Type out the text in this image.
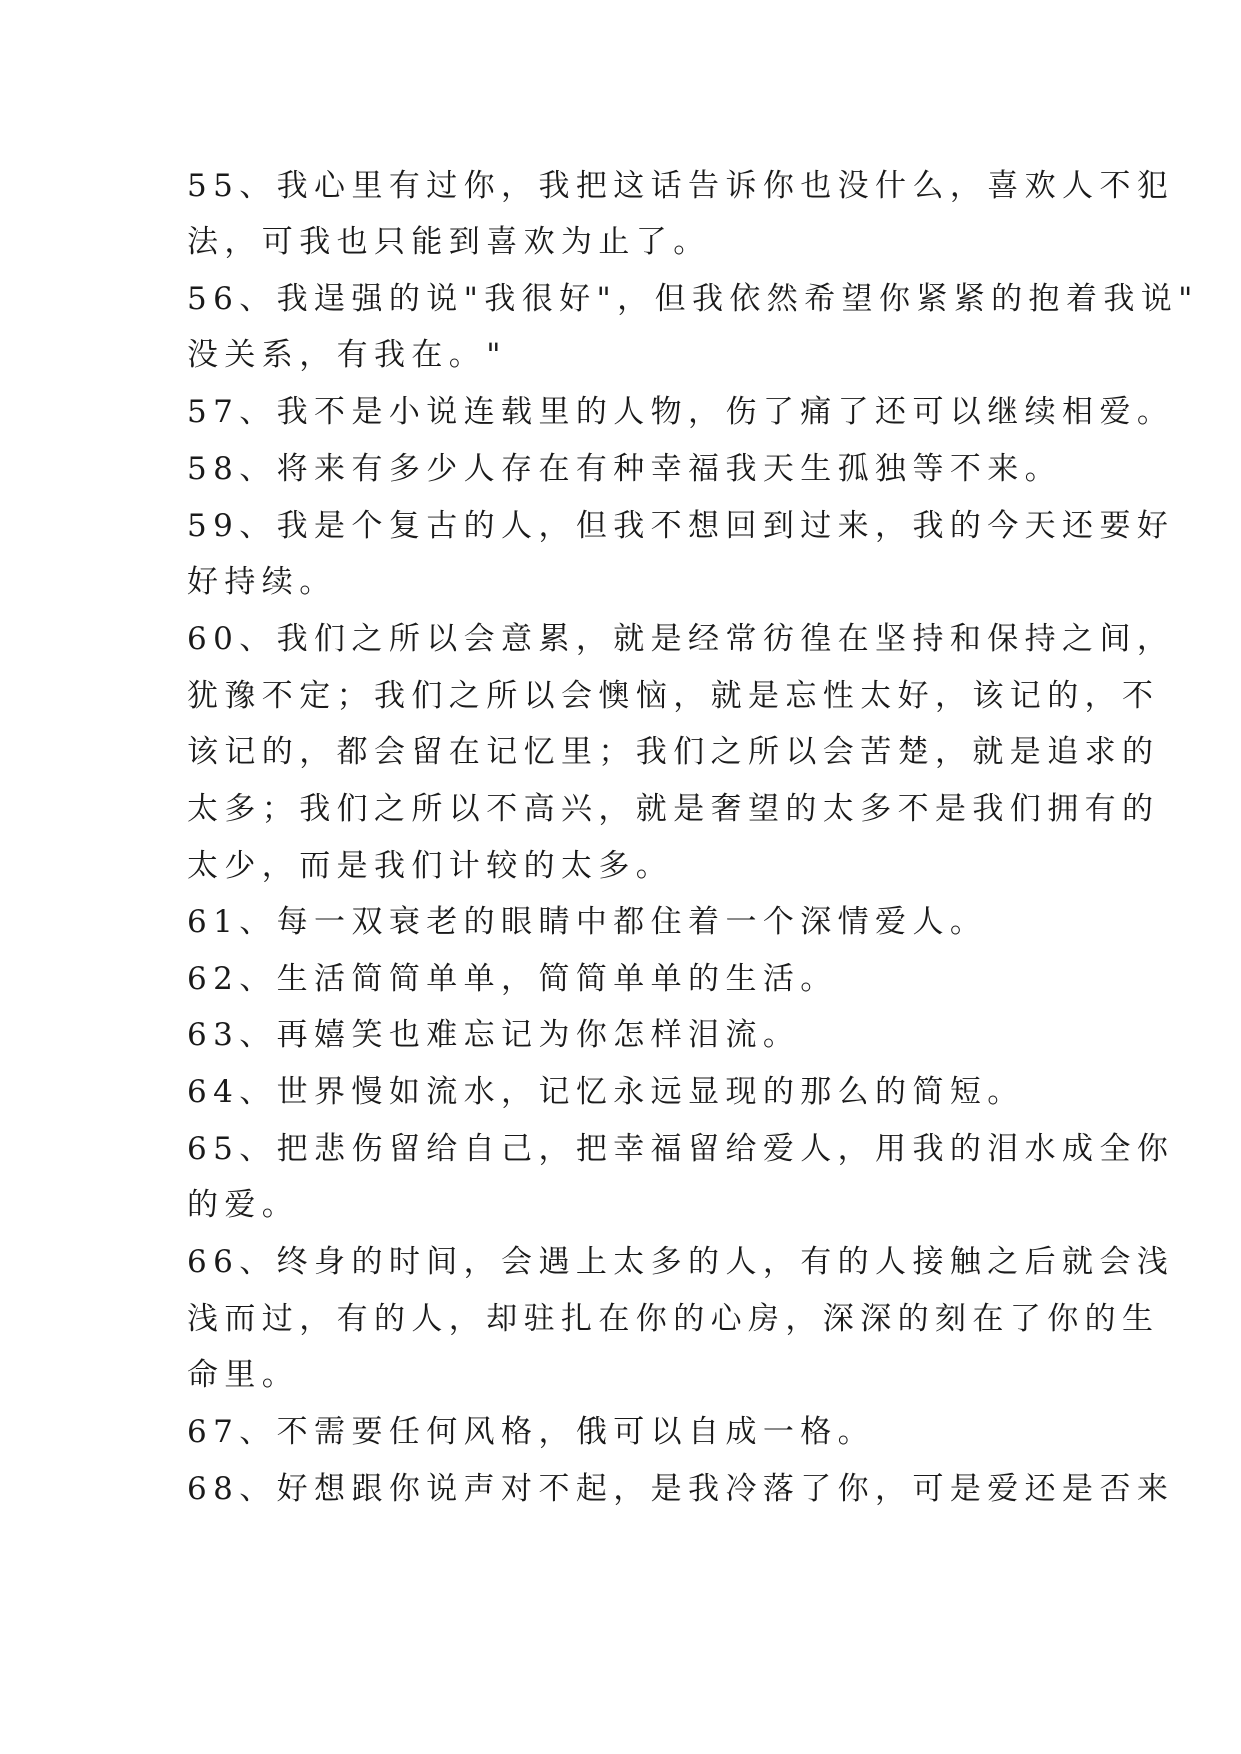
55、我心里有过你，我把这话告诉你也没什么，喜欢人不犯
法，可我也只能到喜欢为止了。
56、我逞强的说"我很好"，但我依然希望你紧紧的抱着我说"
没关系，有我在。"
57、我不是小说连载里的人物，伤了痛了还可以继续相爱。
58、将来有多少人存在有种幸福我天生孤独等不来。
59、我是个复古的人，但我不想回到过来，我的今天还要好
好持续。
60、我们之所以会意累，就是经常彷徨在坚持和保持之间，
犹豫不定；我们之所以会懊恼，就是忘性太好，该记的，不
该记的，都会留在记忆里；我们之所以会苦楚，就是追求的
太多；我们之所以不高兴，就是奢望的太多不是我们拥有的
太少，而是我们计较的太多。
61、每一双衰老的眼睛中都住着一个深情爱人。
62、生活简简单单，简简单单的生活。
63、再嬉笑也难忘记为你怎样泪流。
64、世界慢如流水，记忆永远显现的那么的简短。
65、把悲伤留给自己，把幸福留给爱人，用我的泪水成全你
的爱。
66、终身的时间，会遇上太多的人，有的人接触之后就会浅
浅而过，有的人，却驻扎在你的心房，深深的刻在了你的生
命里。
67、不需要任何风格，俄可以自成一格。
68、好想跟你说声对不起，是我冷落了你，可是爱还是否来
